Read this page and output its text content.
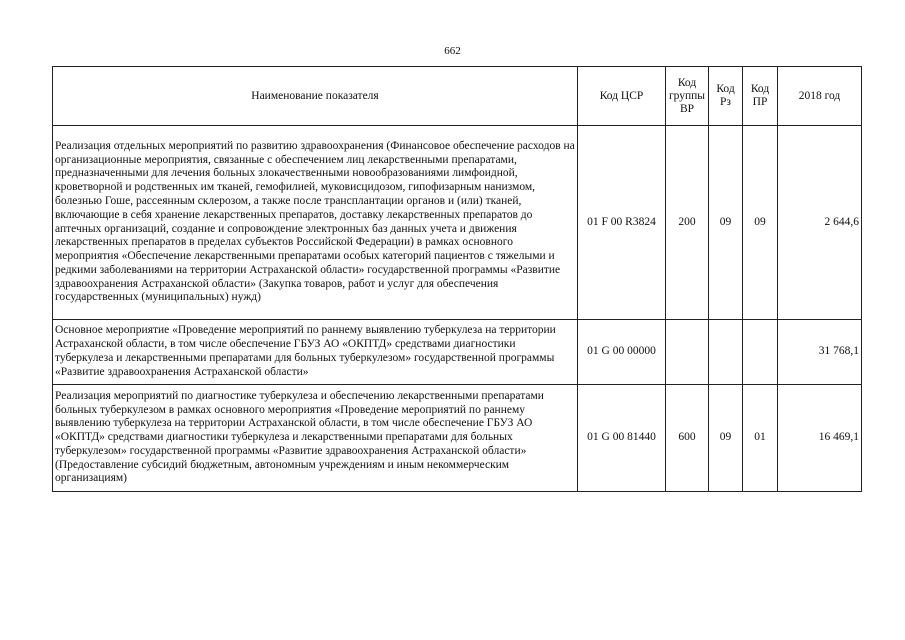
662
Наименование показателя	Код ЦСР	Код группы ВР	Код Рз	Код ПР	2018 год
Реализация отдельных мероприятий по развитию здравоохранения (Финансовое обеспечение расходов на организационные мероприятия, связанные с обеспечением лиц лекарственными препаратами, предназначенными для лечения больных злокачественными новообразованиями лимфоидной, кроветворной и родственных им тканей, гемофилией, муковисцидозом, гипофизарным нанизмом, болезнью Гоше, рассеянным склерозом, а также после трансплантации органов и (или) тканей, включающие в себя хранение лекарственных препаратов, доставку лекарственных препаратов до аптечных организаций, создание и сопровождение электронных баз данных учета и движения лекарственных препаратов в пределах субъектов Российской Федерации) в рамках основного мероприятия «Обеспечение лекарственными препаратами особых категорий пациентов с тяжелыми и редкими заболеваниями на территории Астраханской области» государственной программы «Развитие здравоохранения Астраханской области» (Закупка товаров, работ и услуг для обеспечения государственных (муниципальных) нужд)	01 F 00 R3824	200	09	09	2 644,6
Основное мероприятие «Проведение мероприятий по раннему выявлению туберкулеза на территории Астраханской области, в том числе обеспечение ГБУЗ АО «ОКПТД» средствами диагностики туберкулеза и лекарственными препаратами для больных туберкулезом» государственной программы «Развитие здравоохранения Астраханской области»	01 G 00 00000				31 768,1
Реализация мероприятий по диагностике туберкулеза и обеспечению лекарственными препаратами больных туберкулезом в рамках основного мероприятия «Проведение мероприятий по раннему выявлению туберкулеза на территории Астраханской области, в том числе обеспечение ГБУЗ АО «ОКПТД» средствами диагностики туберкулеза и лекарственными препаратами для больных туберкулезом» государственной программы «Развитие здравоохранения Астраханской области» (Предоставление субсидий бюджетным, автономным учреждениям и иным некоммерческим организациям)	01 G 00 81440	600	09	01	16 469,1
